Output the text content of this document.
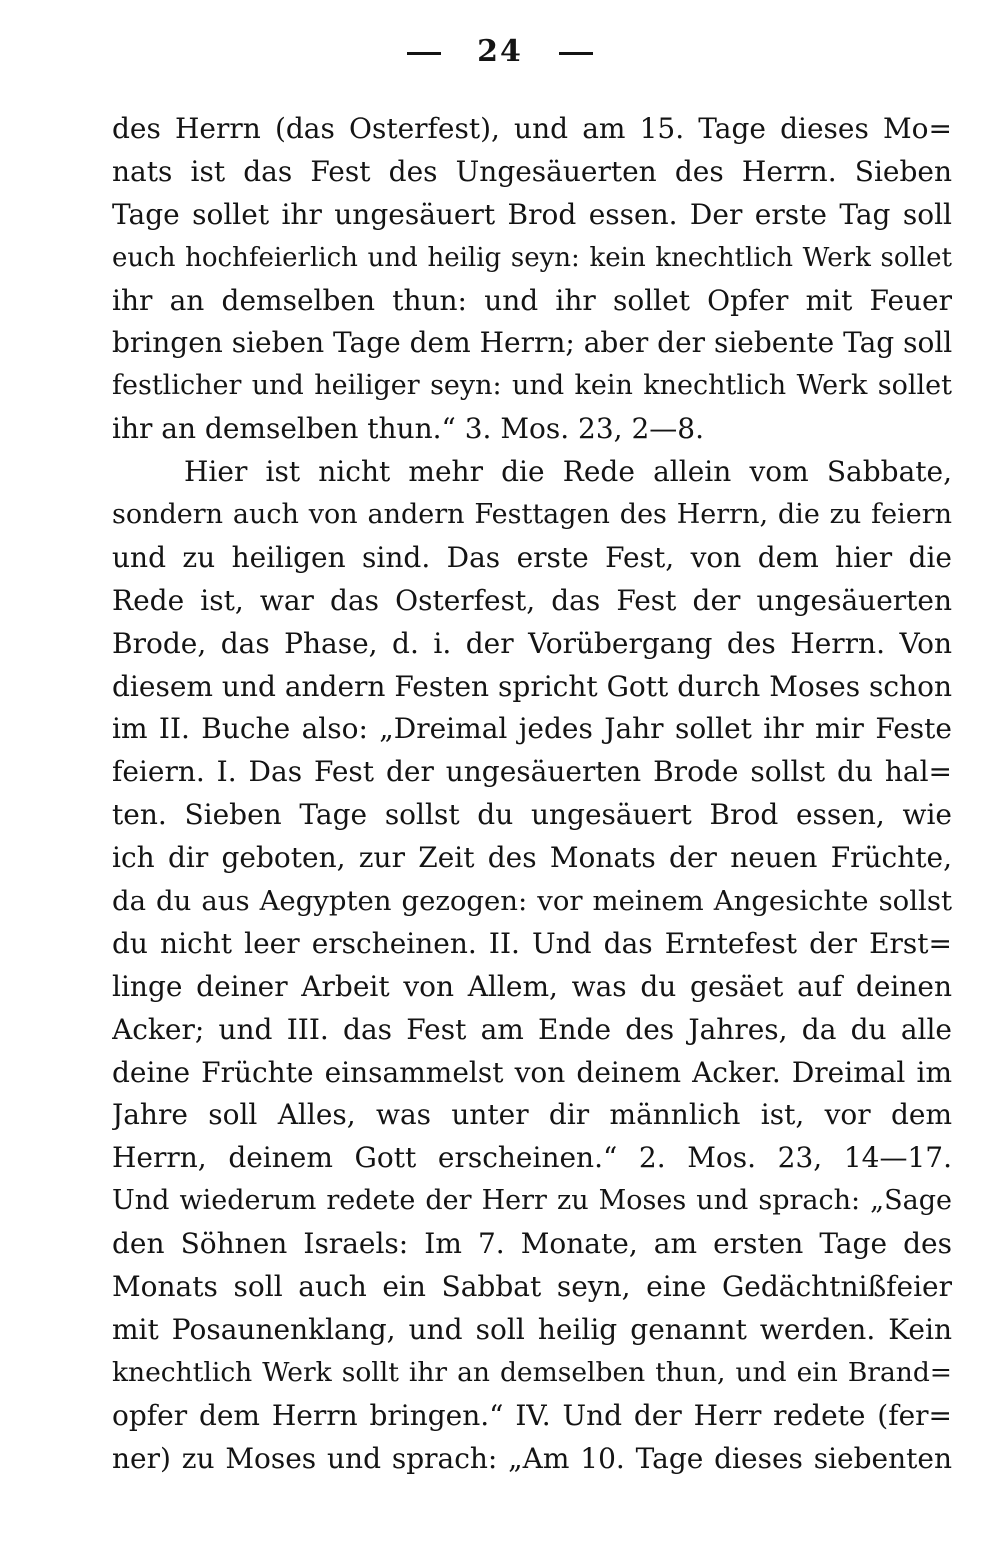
24
des Herrn (das Osterfest), und am 15. Tage dieses Mo=
nats ist das Fest des Ungesäuerten des Herrn. Sieben
Tage sollet ihr ungesäuert Brod essen. Der erste Tag soll
euch hochfeierlich und heilig seyn: kein knechtlich Werk sollet
ihr an demselben thun: und ihr sollet Opfer mit Feuer
bringen sieben Tage dem Herrn; aber der siebente Tag soll
festlicher und heiliger seyn: und kein knechtlich Werk sollet
ihr an demselben thun.“ 3. Mos. 23, 2—8.
Hier ist nicht mehr die Rede allein vom Sabbate,
sondern auch von andern Festtagen des Herrn, die zu feiern
und zu heiligen sind. Das erste Fest, von dem hier die
Rede ist, war das Osterfest, das Fest der ungesäuerten
Brode, das Phase, d. i. der Vorübergang des Herrn. Von
diesem und andern Festen spricht Gott durch Moses schon
im II. Buche also: „Dreimal jedes Jahr sollet ihr mir Feste
feiern. I. Das Fest der ungesäuerten Brode sollst du hal=
ten. Sieben Tage sollst du ungesäuert Brod essen, wie
ich dir geboten, zur Zeit des Monats der neuen Früchte,
da du aus Aegypten gezogen: vor meinem Angesichte sollst
du nicht leer erscheinen. II. Und das Erntefest der Erst=
linge deiner Arbeit von Allem, was du gesäet auf deinen
Acker; und III. das Fest am Ende des Jahres, da du alle
deine Früchte einsammelst von deinem Acker. Dreimal im
Jahre soll Alles, was unter dir männlich ist, vor dem
Herrn, deinem Gott erscheinen.“ 2. Mos. 23, 14—17.
Und wiederum redete der Herr zu Moses und sprach: „Sage
den Söhnen Israels: Im 7. Monate, am ersten Tage des
Monats soll auch ein Sabbat seyn, eine Gedächtnißfeier
mit Posaunenklang, und soll heilig genannt werden. Kein
knechtlich Werk sollt ihr an demselben thun, und ein Brand=
opfer dem Herrn bringen.“ IV. Und der Herr redete (fer=
ner) zu Moses und sprach: „Am 10. Tage dieses siebenten
